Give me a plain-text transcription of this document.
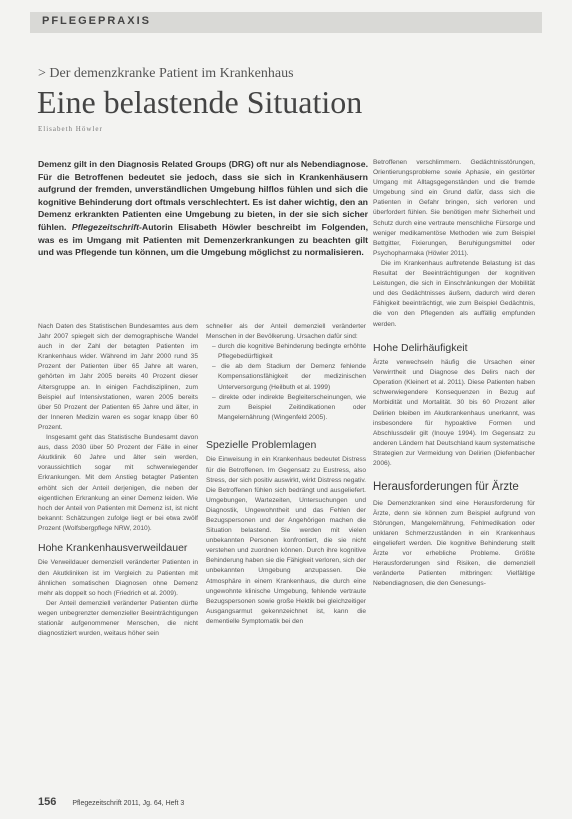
PFLEGEPRAXIS
> Der demenzkranke Patient im Krankenhaus
Eine belastende Situation
Elisabeth Höwler
Demenz gilt in den Diagnosis Related Groups (DRG) oft nur als Nebendiagnose. Für die Betroffenen bedeutet sie jedoch, dass sie sich in Krankenhäusern aufgrund der fremden, unverständlichen Umgebung hilflos fühlen und sich die kognitive Behinderung dort oftmals verschlechtert. Es ist daher wichtig, den an Demenz erkrankten Patienten eine Umgebung zu bieten, in der sie sich sicher fühlen. Pflegezeitschrift-Autorin Elisabeth Höwler beschreibt im Folgenden, was es im Umgang mit Patienten mit Demenzerkrankungen zu beachten gilt und was Pflegende tun können, um die Umgebung möglichst zu normalisieren.

Nach Daten des Statistischen Bundesamtes aus dem Jahr 2007 spiegelt sich der demographische Wandel auch in der Zahl der betagten Patienten im Krankenhaus wider. Während im Jahr 2000 rund 35 Prozent der Patienten über 65 Jahre alt waren, gehörten im Jahr 2005 bereits 40 Prozent dieser Altersgruppe an. In einigen Fachdisziplinen, zum Beispiel auf Intensivstationen, waren 2005 bereits über 50 Prozent der Patienten 65 Jahre und älter, in der Inneren Medizin waren es sogar knapp über 60 Prozent.

Insgesamt geht das Statistische Bundesamt davon aus, dass 2030 über 50 Prozent der Fälle in einer Akutklinik 60 Jahre und älter sein werden, voraussichtlich sogar mit schwerwiegender Erkrankungen. Mit dem Anstieg betagter Patienten erhöht sich der Anteil derjenigen, die neben der eigentlichen Erkrankung an einer Demenz leiden. Wie hoch der Anteil von Patienten mit Demenz ist, ist nicht bekannt: Schätzungen zufolge liegt er bei etwa zwölf Prozent (Wolfsbergpflege NRW, 2010).

Hohe Krankenhausverweildauer

Die Verweildauer demenziell veränderter Patienten in den Akutkliniken ist im Vergleich zu Patienten mit ähnlichen somatischen Diagnosen ohne Demenz mehr als doppelt so hoch (Friedrich et al. 2009).

Der Anteil demenziell veränderter Patienten dürfte wegen unbegrenzter demenzieller Beeinträchtigungen stationär aufgenommener Menschen, die nicht diagnostiziert wurden, weitaus höher sein

schneller als der Anteil demenziell veränderter Menschen in der Bevölkerung. Ursachen dafür sind:

– durch die kognitive Behinderung bedingte erhöhte Pflegebedürftigkeit
– die ab dem Stadium der Demenz fehlende Kompensationsfähigkeit der medizinischen Unterversorgung (Heilbuth et al. 1999)
– direkte oder indirekte Begleiterscheinungen, wie zum Beispiel Zeitindikationen oder Mangelernährung (Wingenfeld 2005).
Spezielle Problemlagen

Die Einweisung in ein Krankenhaus bedeutet Distress für die Betroffenen. Im Gegensatz zu Eustress, also Stress, der sich positiv auswirkt, wirkt Distress negativ. Die Betroffenen fühlen sich bedrängt und ausgeliefert. Umgebungen, Wartezeiten, Untersuchungen und Diagnostik, Ungewohntheit und das Fehlen der Bezugspersonen und der Angehörigen machen die Situation belastend. Sie werden mit vielen unbekannten Personen konfrontiert, die sie nicht verstehen und zuordnen können. Durch ihre kognitive Behinderung haben sie die Fähigkeit verloren, sich der unbekannten Umgebung anzupassen. Die Atmosphäre in einem Krankenhaus, die durch eine ungewohnte klinische Umgebung, fehlende vertraute Bezugspersonen sowie große Hektik bei gleichzeitiger Ausgangsarmut gekennzeichnet ist, kann die dementielle Symptomatik bei den

Betroffenen verschlimmern. Gedächtnisstörungen, Orientierungsprobleme sowie Aphasie, ein gestörter Umgang mit Alltagsgegenständen und die fremde Umgebung sind ein Grund dafür, dass sich die Patienten in Gefahr bringen, sich verloren und überfordert fühlen. Sie benötigen mehr Sicherheit und Schutz durch eine vertraute menschliche Fürsorge und weniger medikamentöse Methoden wie zum Beispiel Bettgitter, Fixierungen, Beruhigungsmittel oder Psychopharmaka (Höwler 2011).

Die im Krankenhaus auftretende Belastung ist das Resultat der Beeinträchtigungen der kognitiven Leistungen, die sich in Einschränkungen der Mobilität und des Gedächtnisses äußern, dadurch wird deren Fähigkeit beeinträchtigt, wie zum Beispiel Gedächtnis, die von den Pflegenden als auffällig empfunden werden.

Hohe Delirhäufigkeit

Ärzte verwechseln häufig die Ursachen einer Verwirrtheit und Diagnose des Delirs nach der Operation (Kleinert et al. 2011). Diese Patienten haben schwerwiegendere Konsequenzen in Bezug auf Morbidität und Mortalität. 30 bis 60 Prozent aller Delirien bleiben im Akutkrankenhaus unerkannt, was insbesondere für hypoaktive Formen und Abschlussdelir gilt (Inouye 1994). Im Gegensatz zu anderen Ländern hat Deutschland kaum systematische Strategien zur Vermeidung von Delirien (Diefenbacher 2006).

Herausforderungen für Ärzte

Die Demenzkranken sind eine Herausforderung für Ärzte, denn sie können zum Beispiel aufgrund von Störungen, Mangelernährung, Fehlmedikation oder unklaren Schmerzzuständen in ein Krankenhaus eingeliefert werden. Die kognitive Behinderung stellt Ärzte vor erhebliche Probleme. Größte Herausforderungen sind Risiken, die demenziell veränderte Patienten mitbringen: Vielfältige Nebendiagnosen, die den Genesungs-

156 Pflegezeitschrift 2011, Jg. 64, Heft 3
